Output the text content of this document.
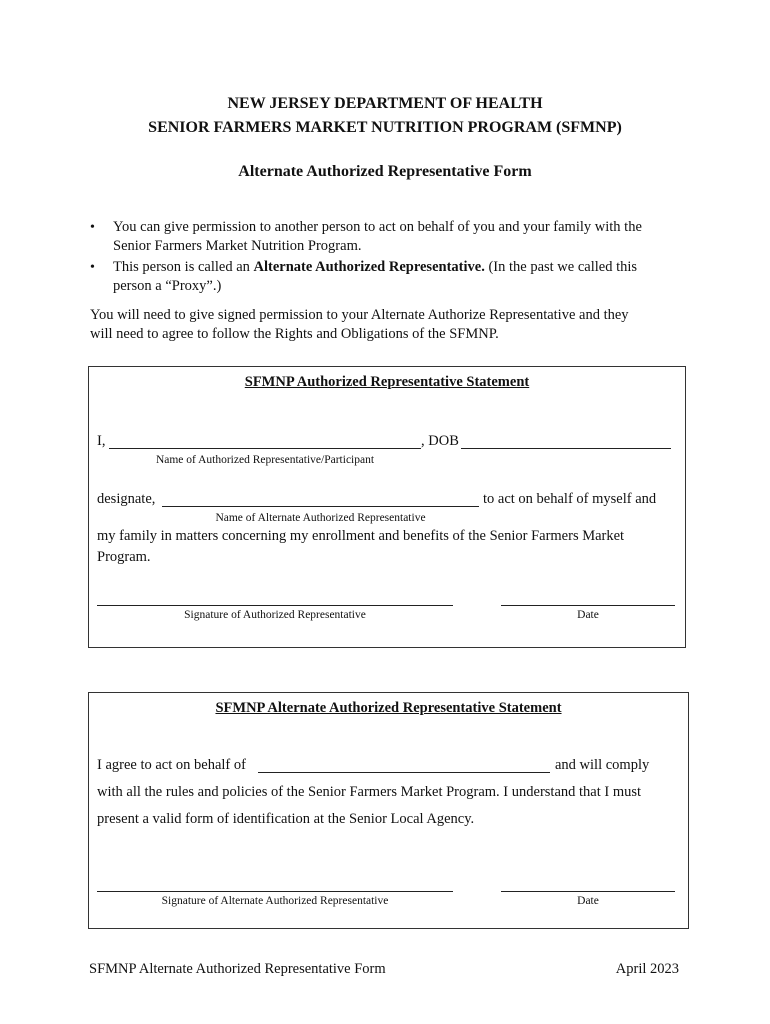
NEW JERSEY DEPARTMENT OF HEALTH
SENIOR FARMERS MARKET NUTRITION PROGRAM (SFMNP)
Alternate Authorized Representative Form
• You can give permission to another person to act on behalf of you and your family with the
Senior Farmers Market Nutrition Program.
• This person is called an Alternate Authorized Representative. (In the past we called this
person a “Proxy”.)
You will need to give signed permission to your Alternate Authorize Representative and they
will need to agree to follow the Rights and Obligations of the SFMNP.
SFMNP Authorized Representative Statement
I,	, DOB
Name of Authorized Representative/Participant
designate,	to act on behalf of myself and
Name of Alternate Authorized Representative
my family in matters concerning my enrollment and benefits of the Senior Farmers Market
Program.
Signature of Authorized Representative	Date
SFMNP Alternate Authorized Representative Statement
I agree to act on behalf of	and will comply
with all the rules and policies of the Senior Farmers Market Program. I understand that I must
present a valid form of identification at the Senior Local Agency.
Signature of Alternate Authorized Representative	Date
SFMNP Alternate Authorized Representative Form	April 2023
